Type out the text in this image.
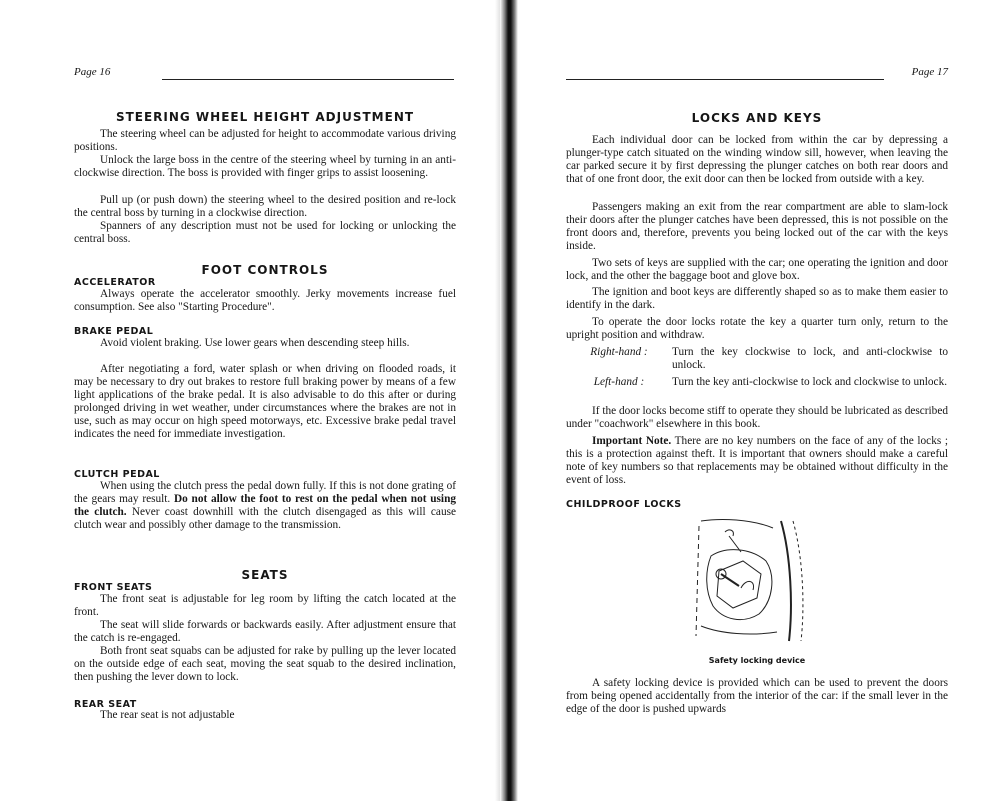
Page 16
STEERING WHEEL HEIGHT ADJUSTMENT

The steering wheel can be adjusted for height to accommodate various driving positions.

Unlock the large boss in the centre of the steering wheel by turning in an anti-clockwise direction. The boss is provided with finger grips to assist loosening.

Pull up (or push down) the steering wheel to the desired position and re-lock the central boss by turning in a clockwise direction.

Spanners of any description must not be used for locking or unlocking the central boss.

FOOT CONTROLS
ACCELERATOR

Always operate the accelerator smoothly. Jerky movements increase fuel consumption. See also "Starting Procedure".

BRAKE PEDAL

Avoid violent braking. Use lower gears when descending steep hills.

After negotiating a ford, water splash or when driving on flooded roads, it may be necessary to dry out brakes to restore full braking power by means of a few light applications of the brake pedal. It is also advisable to do this after or during prolonged driving in wet weather, under circumstances where the brakes are not in use, such as may occur on high speed motorways, etc. Excessive brake pedal travel indicates the need for immediate investigation.

CLUTCH PEDAL

When using the clutch press the pedal down fully. If this is not done grating of the gears may result. Do not allow the foot to rest on the pedal when not using the clutch. Never coast downhill with the clutch disengaged as this will cause clutch wear and possibly other damage to the transmission.

SEATS
FRONT SEATS

The front seat is adjustable for leg room by lifting the catch located at the front.

The seat will slide forwards or backwards easily. After adjustment ensure that the catch is re-engaged.

Both front seat squabs can be adjusted for rake by pulling up the lever located on the outside edge of each seat, moving the seat squab to the desired inclination, then pushing the lever down to lock.

REAR SEAT

The rear seat is not adjustable

Page 17
LOCKS AND KEYS

Each individual door can be locked from within the car by depressing a plunger-type catch situated on the winding window sill, however, when leaving the car parked secure it by first depressing the plunger catches on both rear doors and that of one front door, the exit door can then be locked from outside with a key.

Passengers making an exit from the rear compartment are able to slam-lock their doors after the plunger catches have been depressed, this is not possible on the front doors and, therefore, prevents you being locked out of the car with the keys inside.

Two sets of keys are supplied with the car; one operating the ignition and door lock, and the other the baggage boot and glove box.

The ignition and boot keys are differently shaped so as to make them easier to identify in the dark.

To operate the door locks rotate the key a quarter turn only, return to the upright position and withdraw.

Right-hand :	Turn the key clockwise to lock, and anti-clockwise to unlock.
Left-hand :	Turn the key anti-clockwise to lock and clockwise to unlock.

If the door locks become stiff to operate they should be lubricated as described under "coachwork" elsewhere in this book.

Important Note. There are no key numbers on the face of any of the locks ; this is a protection against theft. It is important that owners should make a careful note of key numbers so that replacements may be obtained without difficulty in the event of loss.

CHILDPROOF LOCKS
Safety locking device

A safety locking device is provided which can be used to prevent the doors from being opened accidentally from the interior of the car: if the small lever in the edge of the door is pushed upwards
